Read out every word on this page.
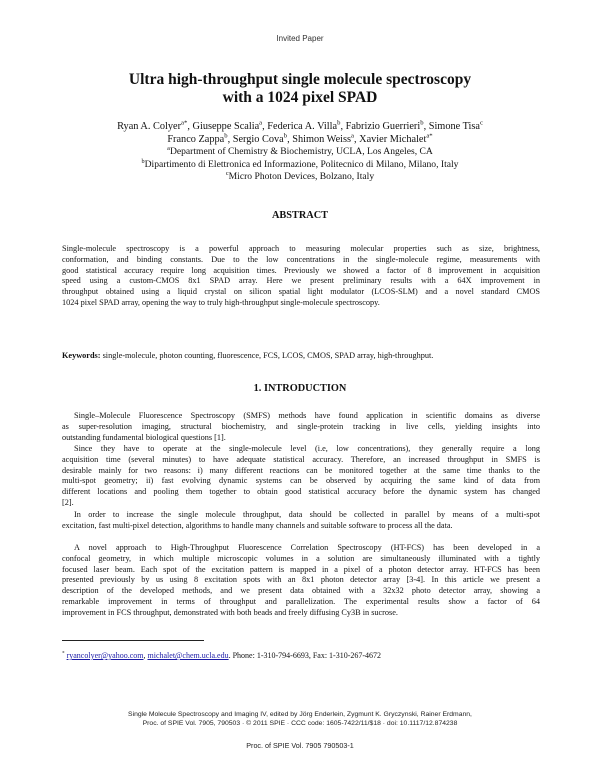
Invited Paper
Ultra high-throughput single molecule spectroscopy
with a 1024 pixel SPAD
Ryan A. Colyer$^{a*}$, Giuseppe Scalia$^a$, Federica A. Villa$^b$, Fabrizio Guerrieri$^b$, Simone Tisa$^c$
Franco Zappa$^b$, Sergio Cova$^b$, Shimon Weiss$^a$, Xavier Michalet$^{a*}$
$^a$Department of Chemistry & Biochemistry, UCLA, Los Angeles, CA
$^b$Dipartimento di Elettronica ed Informazione, Politecnico di Milano, Milano, Italy
$^c$Micro Photon Devices, Bolzano, Italy
ABSTRACT
Single-molecule spectroscopy is a powerful approach to measuring molecular properties such as size, brightness,
conformation, and binding constants. Due to the low concentrations in the single-molecule regime, measurements with
good statistical accuracy require long acquisition times. Previously we showed a factor of 8 improvement in acquisition
speed using a custom-CMOS 8x1 SPAD array. Here we present preliminary results with a 64X improvement in
throughput obtained using a liquid crystal on silicon spatial light modulator (LCOS-SLM) and a novel standard CMOS
1024 pixel SPAD array, opening the way to truly high-throughput single-molecule spectroscopy.
Keywords: single-molecule, photon counting, fluorescence, FCS, LCOS, CMOS, SPAD array, high-throughput.
1. INTRODUCTION
Single–Molecule Fluorescence Spectroscopy (SMFS) methods have found application in scientific domains as diverse
as super-resolution imaging, structural biochemistry, and single-protein tracking in live cells, yielding insights into
outstanding fundamental biological questions [1].
Since they have to operate at the single-molecule level (i.e, low concentrations), they generally require a long
acquisition time (several minutes) to have adequate statistical accuracy. Therefore, an increased throughput in SMFS is
desirable mainly for two reasons: i) many different reactions can be monitored together at the same time thanks to the
multi-spot geometry; ii) fast evolving dynamic systems can be observed by acquiring the same kind of data from
different locations and pooling them together to obtain good statistical accuracy before the dynamic system has changed
[2].
In order to increase the single molecule throughput, data should be collected in parallel by means of a multi-spot
excitation, fast multi-pixel detection, algorithms to handle many channels and suitable software to process all the data.
A novel approach to High-Throughput Fluorescence Correlation Spectroscopy (HT-FCS) has been developed in a
confocal geometry, in which multiple microscopic volumes in a solution are simultaneously illuminated with a tightly
focused laser beam. Each spot of the excitation pattern is mapped in a pixel of a photon detector array. HT-FCS has been
presented previously by us using 8 excitation spots with an 8x1 photon detector array [3-4]. In this article we present a
description of the developed methods, and we present data obtained with a 32x32 photo detector array, showing a
remarkable improvement in terms of throughput and parallelization. The experimental results show a factor of 64
improvement in FCS throughput, demonstrated with both beads and freely diffusing Cy3B in sucrose.
* ryancolyer@yahoo.com, michalet@chem.ucla.edu. Phone: 1-310-794-6693, Fax: 1-310-267-4672
Single Molecule Spectroscopy and Imaging IV, edited by Jörg Enderlein, Zygmunt K. Gryczynski, Rainer Erdmann,
Proc. of SPIE Vol. 7905, 790503 · © 2011 SPIE · CCC code: 1605-7422/11/$18 · doi: 10.1117/12.874238
Proc. of SPIE Vol. 7905 790503-1
